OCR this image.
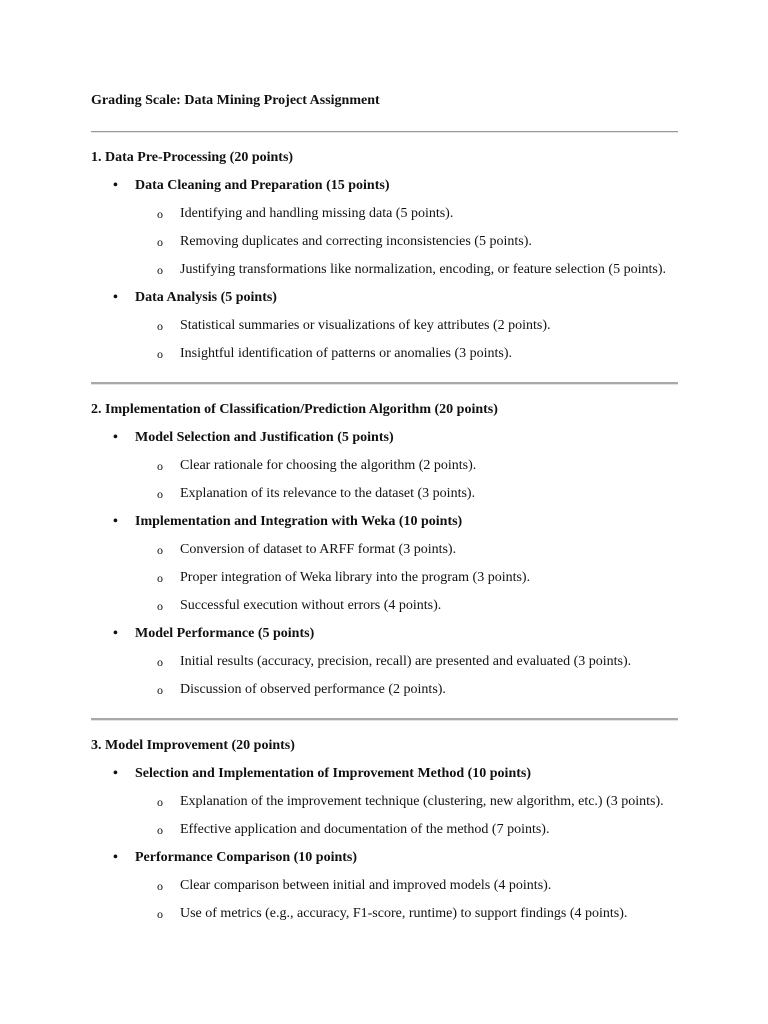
Grading Scale: Data Mining Project Assignment
1. Data Pre-Processing (20 points)
•	Data Cleaning and Preparation (15 points)
o Identifying and handling missing data (5 points).
o Removing duplicates and correcting inconsistencies (5 points).
o Justifying transformations like normalization, encoding, or feature selection (5 points).
•	Data Analysis (5 points)
o Statistical summaries or visualizations of key attributes (2 points).
o Insightful identification of patterns or anomalies (3 points).
2. Implementation of Classification/Prediction Algorithm (20 points)
•	Model Selection and Justification (5 points)
o Clear rationale for choosing the algorithm (2 points).
o Explanation of its relevance to the dataset (3 points).
•	Implementation and Integration with Weka (10 points)
o Conversion of dataset to ARFF format (3 points).
o Proper integration of Weka library into the program (3 points).
o Successful execution without errors (4 points).
•	Model Performance (5 points)
o Initial results (accuracy, precision, recall) are presented and evaluated (3 points).
o Discussion of observed performance (2 points).
3. Model Improvement (20 points)
•	Selection and Implementation of Improvement Method (10 points)
o Explanation of the improvement technique (clustering, new algorithm, etc.) (3 points).
o Effective application and documentation of the method (7 points).
•	Performance Comparison (10 points)
o Clear comparison between initial and improved models (4 points).
o Use of metrics (e.g., accuracy, F1-score, runtime) to support findings (4 points).
